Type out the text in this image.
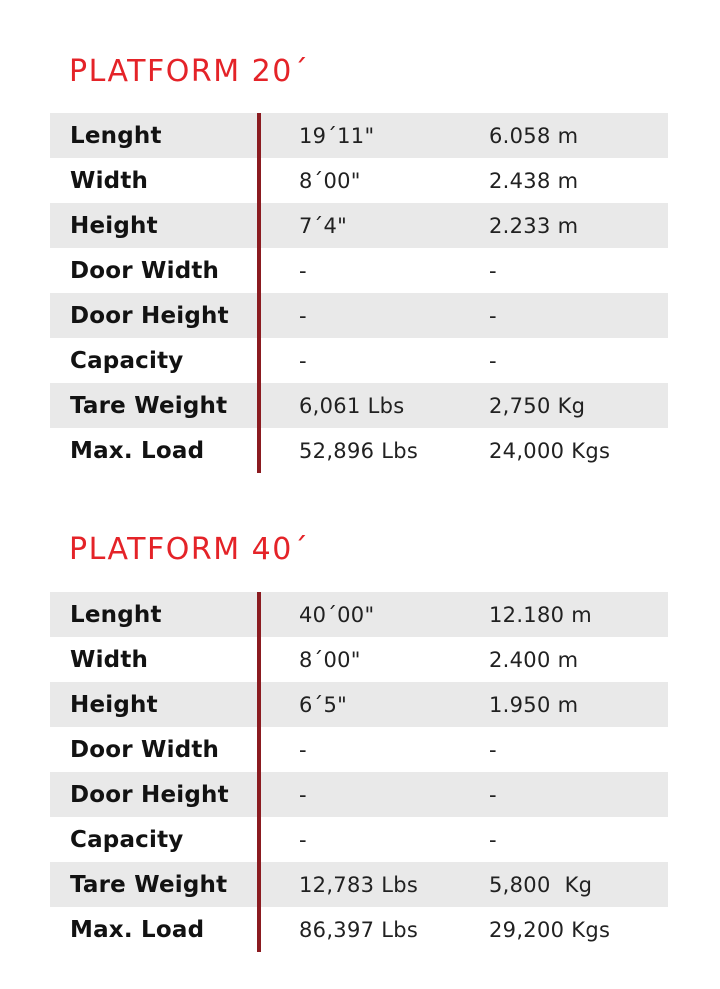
PLATFORM 20´
Lenght	19´11"	6.058 m
Width	8´00"	2.438 m
Height	7´4"	2.233 m
Door Width	-	-
Door Height	-	-
Capacity	-	-
Tare Weight	6,061 Lbs	2,750 Kg
Max. Load	52,896 Lbs	24,000 Kgs
PLATFORM 40´
Lenght	40´00"	12.180 m
Width	8´00"	2.400 m
Height	6´5"	1.950 m
Door Width	-	-
Door Height	-	-
Capacity	-	-
Tare Weight	12,783 Lbs	5,800  Kg
Max. Load	86,397 Lbs	29,200 Kgs
